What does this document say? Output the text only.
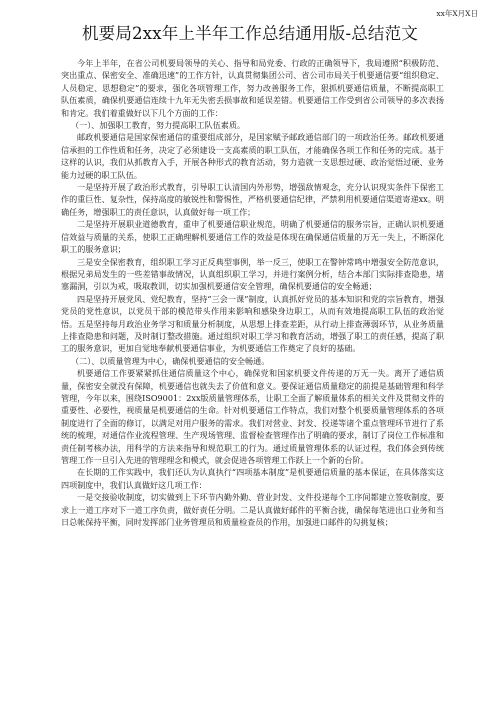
xx年X月X日
机要局2xx年上半年工作总结通用版-总结范文

今年上半年，在省公司机要局领导的关心、指导和局党委、行政的正确领导下，我局遵照“积极防范、突出重点、保密安全、准确迅速”的工作方针，认真贯彻集团公司、省公司市局关于机要通信要“组织稳定、人员稳定、思想稳定”的要求，强化各项管理工作，努力改善服务工作，狠抓机要通信质量，不断提高职工队伍素质，确保机要通信连续十九年无失密丢损事故和延误差错。机要通信工作受到省公司领导的多次表扬和肯定。我们着重做好以下几个方面的工作：

（一）、加强职工教育，努力提高职工队伍素质。

邮政机要通信是国家保密通信的重要组成部分，是国家赋予邮政通信部门的一项政治任务。邮政机要通信承担的工作性质和任务，决定了必须建设一支高素质的职工队伍，才能确保各项工作和任务的完成。基于这样的认识，我们从抓教育入手，开展各种形式的教育活动，努力造就一支思想过硬、政治觉悟过硬、业务能力过硬的职工队伍。

一是坚持开展了政治形式教育，引导职工认清国内外形势，增强敌情观念，充分认识现实条件下保密工作的重巨性、复杂性，保持高度的敏锐性和警惕性，严格机要通信纪律，严禁利用机要通信渠道寄递xx。明确任务，增强职工的责任意识，认真做好每一项工作；

二是坚持开展职业道德教育，重申了机要通信职业规范，明确了机要通信的服务宗旨，正确认识机要通信效益与质量的关系，使职工正确理解机要通信工作的效益是体现在确保通信质量的万无一失上，不断深化职工的服务意识；

三是安全保密教育，组织职工学习正反典型事例，举一反三，使职工在警钟常鸣中增强安全防范意识，根据兄弟局发生的一些差错事故情况，认真组织职工学习，并进行案例分析，结合本部门实际排查隐患，堵塞漏洞，引以为戒，吸取教训，切实加强机要通信安全管理，确保机要通信的安全畅通；

四是坚持开展党风、党纪教育，坚持“三会一课”制度，认真抓好党员的基本知识和党的宗旨教育，增强党员的党性意识，以党员干部的模范带头作用来影响和感染身边职工，从而有效地提高职工队伍的政治觉悟。五是坚持每月政治业务学习和质量分析制度，从思想上排查差距，从行动上排查薄弱环节，从业务质量上排查隐患和问题，及时制订整改措施。通过组织对职工学习和教育活动，增强了职工的责任感，提高了职工的服务意识，更加自觉地奉献机要通信事业，为机要通信工作奠定了良好的基础。

（二）、以质量管理为中心，确保机要通信的安全畅通。

机要通信工作要紧紧抓住通信质量这个中心，确保党和国家机要文件传递的万无一失。离开了通信质量，保密安全就没有保障，机要通信也就失去了价值和意义。要保证通信质量稳定的前提是基础管理和科学管理，今年以来，围绕ISO9001：2xx版质量管理体系，让职工全面了解质量体系的相关文件及贯彻文件的重要性、必要性，视质量是机要通信的生命。针对机要通信工作特点，我们对整个机要质量管理体系的各项制度进行了全面的修订，以满足对用户服务的需求。我们对营业、封发、投递等诸个重点管理环节进行了系统的梳理，对通信作业流程管理、生产现场管理、监督检查管理作出了明确的要求，制订了岗位工作标准和责任制考核办法，用科学的方法来指导和规范职工的行为。通过质量管理体系的认证过程，我们体会到传统管理工作一旦引入先进的管理理念和模式，就会促进各项管理工作跃上一个新的台阶。

在长期的工作实践中，我们还认为认真执行“四项基本制度”是机要通信质量的基本保证，在具体落实这四项制度中，我们认真做好这几项工作：

一是交接验收制度，切实做到上下环节内勤外勤、营业封发、文件投递每个工序间都建立签收制度，要求上一道工序对下一道工序负责，做好责任分明。二是认真做好邮件的平衡合拢，确保每笔进出口业务和当日总帐保持平衡，同时发挥部门业务管理员和质量检查员的作用，加强进口邮件的勾挑复核；
